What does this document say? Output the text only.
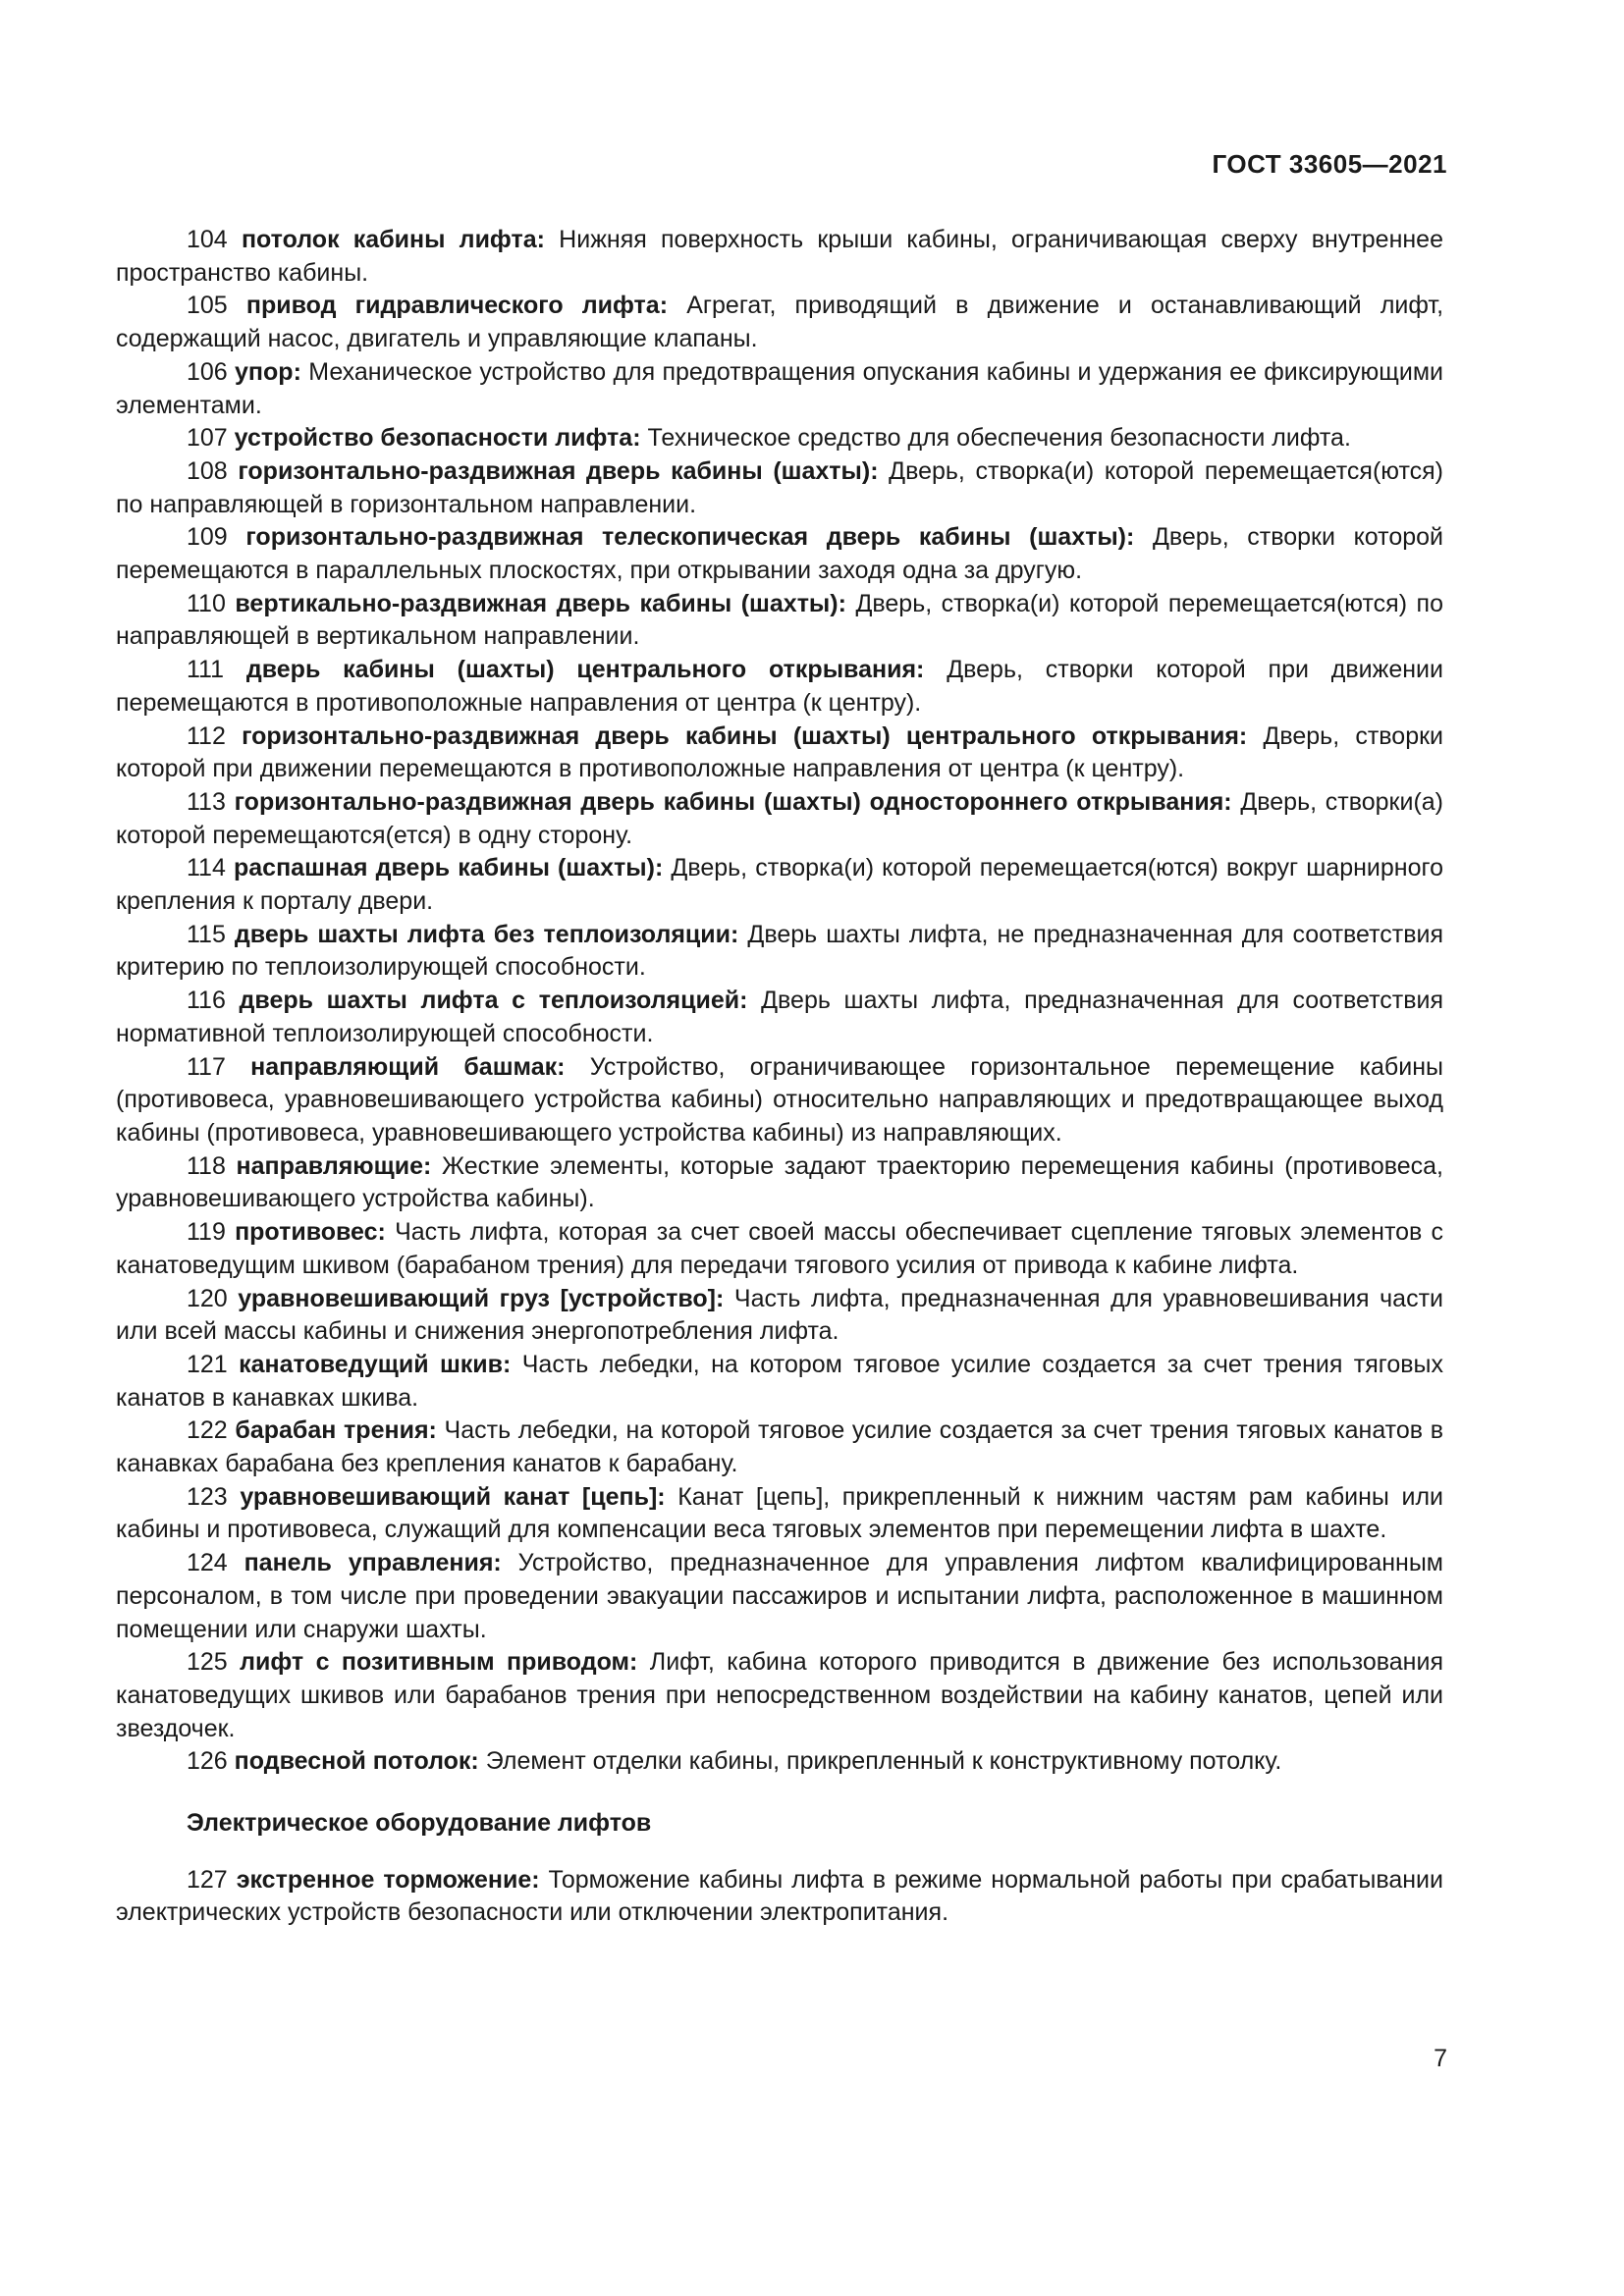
ГОСТ 33605—2021

104 потолок кабины лифта: Нижняя поверхность крыши кабины, ограничивающая сверху внутреннее пространство кабины.

105 привод гидравлического лифта: Агрегат, приводящий в движение и останавливающий лифт, содержащий насос, двигатель и управляющие клапаны.

106 упор: Механическое устройство для предотвращения опускания кабины и удержания ее фиксирующими элементами.

107 устройство безопасности лифта: Техническое средство для обеспечения безопасности лифта.

108 горизонтально-раздвижная дверь кабины (шахты): Дверь, створка(и) которой перемещается(ются) по направляющей в горизонтальном направлении.

109 горизонтально-раздвижная телескопическая дверь кабины (шахты): Дверь, створки которой перемещаются в параллельных плоскостях, при открывании заходя одна за другую.

110 вертикально-раздвижная дверь кабины (шахты): Дверь, створка(и) которой перемещается(ются) по направляющей в вертикальном направлении.

111 дверь кабины (шахты) центрального открывания: Дверь, створки которой при движении перемещаются в противоположные направления от центра (к центру).

112 горизонтально-раздвижная дверь кабины (шахты) центрального открывания: Дверь, створки которой при движении перемещаются в противоположные направления от центра (к центру).

113 горизонтально-раздвижная дверь кабины (шахты) одностороннего открывания: Дверь, створки(а) которой перемещаются(ется) в одну сторону.

114 распашная дверь кабины (шахты): Дверь, створка(и) которой перемещается(ются) вокруг шарнирного крепления к порталу двери.

115 дверь шахты лифта без теплоизоляции: Дверь шахты лифта, не предназначенная для соответствия критерию по теплоизолирующей способности.

116 дверь шахты лифта с теплоизоляцией: Дверь шахты лифта, предназначенная для соответствия нормативной теплоизолирующей способности.

117 направляющий башмак: Устройство, ограничивающее горизонтальное перемещение кабины (противовеса, уравновешивающего устройства кабины) относительно направляющих и предотвращающее выход кабины (противовеса, уравновешивающего устройства кабины) из направляющих.

118 направляющие: Жесткие элементы, которые задают траекторию перемещения кабины (противовеса, уравновешивающего устройства кабины).

119 противовес: Часть лифта, которая за счет своей массы обеспечивает сцепление тяговых элементов с канатоведущим шкивом (барабаном трения) для передачи тягового усилия от привода к кабине лифта.

120 уравновешивающий груз [устройство]: Часть лифта, предназначенная для уравновешивания части или всей массы кабины и снижения энергопотребления лифта.

121 канатоведущий шкив: Часть лебедки, на котором тяговое усилие создается за счет трения тяговых канатов в канавках шкива.

122 барабан трения: Часть лебедки, на которой тяговое усилие создается за счет трения тяговых канатов в канавках барабана без крепления канатов к барабану.

123 уравновешивающий канат [цепь]: Канат [цепь], прикрепленный к нижним частям рам кабины или кабины и противовеса, служащий для компенсации веса тяговых элементов при перемещении лифта в шахте.

124 панель управления: Устройство, предназначенное для управления лифтом квалифицированным персоналом, в том числе при проведении эвакуации пассажиров и испытании лифта, расположенное в машинном помещении или снаружи шахты.

125 лифт с позитивным приводом: Лифт, кабина которого приводится в движение без использования канатоведущих шкивов или барабанов трения при непосредственном воздействии на кабину канатов, цепей или звездочек.

126 подвесной потолок: Элемент отделки кабины, прикрепленный к конструктивному потолку.

Электрическое оборудование лифтов

127 экстренное торможение: Торможение кабины лифта в режиме нормальной работы при срабатывании электрических устройств безопасности или отключении электропитания.

7
